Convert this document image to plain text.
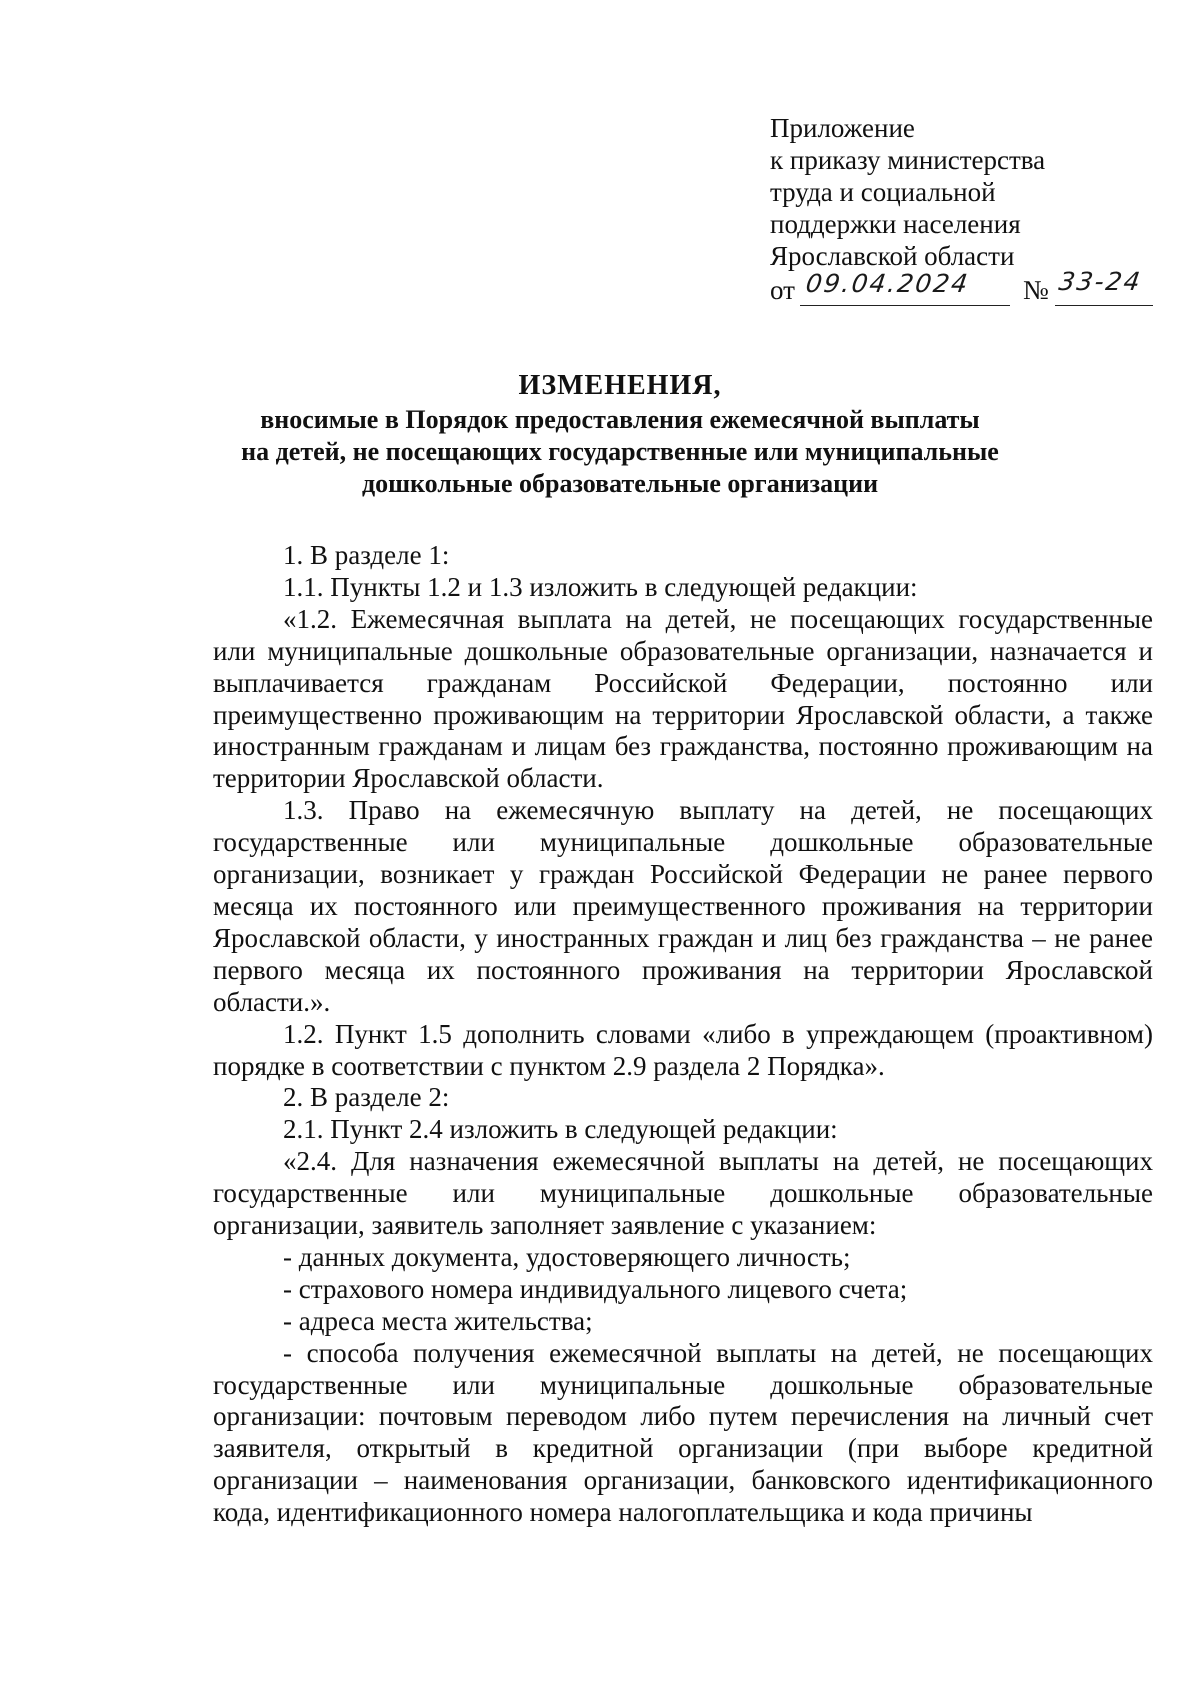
Приложение
к приказу министерства
труда и социальной
поддержки населения
Ярославской области
от 09.04.2024 № 33-24
ИЗМЕНЕНИЯ,
вносимые в Порядок предоставления ежемесячной выплаты
на детей, не посещающих государственные или муниципальные
дошкольные образовательные организации

1. В разделе 1:

1.1. Пункты 1.2 и 1.3 изложить в следующей редакции:

«1.2. Ежемесячная выплата на детей, не посещающих государственные или муниципальные дошкольные образовательные организации, назначается и выплачивается гражданам Российской Федерации, постоянно или преимущественно проживающим на территории Ярославской области, а также иностранным гражданам и лицам без гражданства, постоянно проживающим на территории Ярославской области.

1.3. Право на ежемесячную выплату на детей, не посещающих государственные или муниципальные дошкольные образовательные организации, возникает у граждан Российской Федерации не ранее первого месяца их постоянного или преимущественного проживания на территории Ярославской области, у иностранных граждан и лиц без гражданства – не ранее первого месяца их постоянного проживания на территории Ярославской области.».

1.2. Пункт 1.5 дополнить словами «либо в упреждающем (проактивном) порядке в соответствии с пунктом 2.9 раздела 2 Порядка».

2. В разделе 2:

2.1. Пункт 2.4 изложить в следующей редакции:

«2.4. Для назначения ежемесячной выплаты на детей, не посещающих государственные или муниципальные дошкольные образовательные организации, заявитель заполняет заявление с указанием:

- данных документа, удостоверяющего личность;

- страхового номера индивидуального лицевого счета;

- адреса места жительства;

- способа получения ежемесячной выплаты на детей, не посещающих государственные или муниципальные дошкольные образовательные организации: почтовым переводом либо путем перечисления на личный счет заявителя, открытый в кредитной организации (при выборе кредитной организации – наименования организации, банковского идентификационного кода, идентификационного номера налогоплательщика и кода причины
